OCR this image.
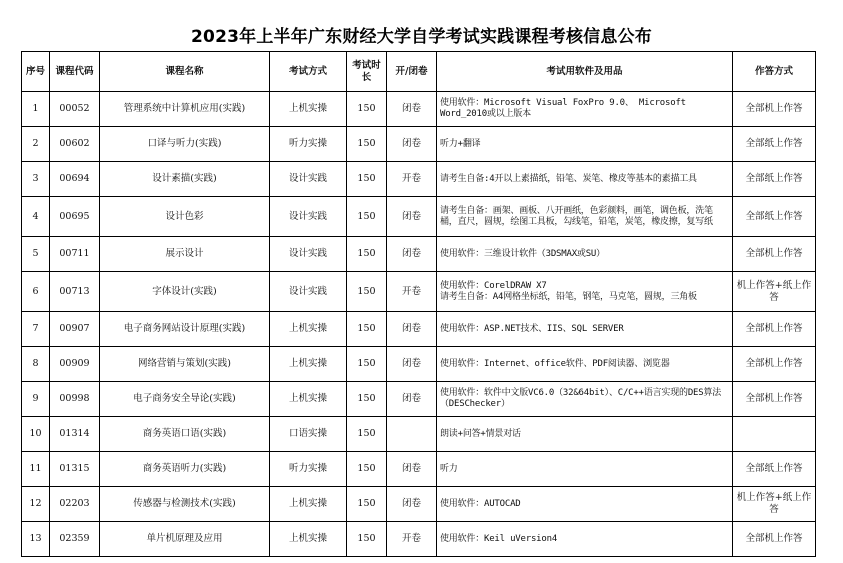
2023年上半年广东财经大学自学考试实践课程考核信息公布
序号	课程代码	课程名称	考试方式	考试时长	开/闭卷	考试用软件及用品	作答方式
1	00052	管理系统中计算机应用(实践)	上机实操	150	闭卷	使用软件：Microsoft Visual FoxPro 9.0、 Microsoft Word_2010或以上版本	全部机上作答
2	00602	口译与听力(实践)	听力实操	150	闭卷	听力+翻译	全部纸上作答
3	00694	设计素描(实践)	设计实践	150	开卷	请考生自备:4开以上素描纸，铅笔、炭笔、橡皮等基本的素描工具	全部纸上作答
4	00695	设计色彩	设计实践	150	闭卷	请考生自备：画架、画板、八开画纸，色彩颜料，画笔，调色板，洗笔桶，直尺，圆规，绘图工具板，勾线笔，铅笔，炭笔，橡皮擦，复写纸	全部纸上作答
5	00711	展示设计	设计实践	150	闭卷	使用软件：三维设计软件（3DSMAX或SU）	全部机上作答
6	00713	字体设计(实践)	设计实践	150	开卷	使用软件：CorelDRAW X7
请考生自备：A4网格坐标纸，铅笔，钢笔，马克笔，圆规，三角板	机上作答+纸上作答
7	00907	电子商务网站设计原理(实践)	上机实操	150	闭卷	使用软件：ASP.NET技术、IIS、SQL SERVER	全部机上作答
8	00909	网络营销与策划(实践)	上机实操	150	闭卷	使用软件：Internet、office软件、PDF阅读器、浏览器	全部机上作答
9	00998	电子商务安全导论(实践)	上机实操	150	闭卷	使用软件：软件中文版VC6.0（32&64bit）、C/C++语言实现的DES算法（DESChecker）	全部机上作答
10	01314	商务英语口语(实践)	口语实操	150		朗读+问答+情景对话	
11	01315	商务英语听力(实践)	听力实操	150	闭卷	听力	全部纸上作答
12	02203	传感器与检测技术(实践)	上机实操	150	闭卷	使用软件：AUTOCAD	机上作答+纸上作答
13	02359	单片机原理及应用	上机实操	150	开卷	使用软件：Keil uVersion4	全部机上作答
